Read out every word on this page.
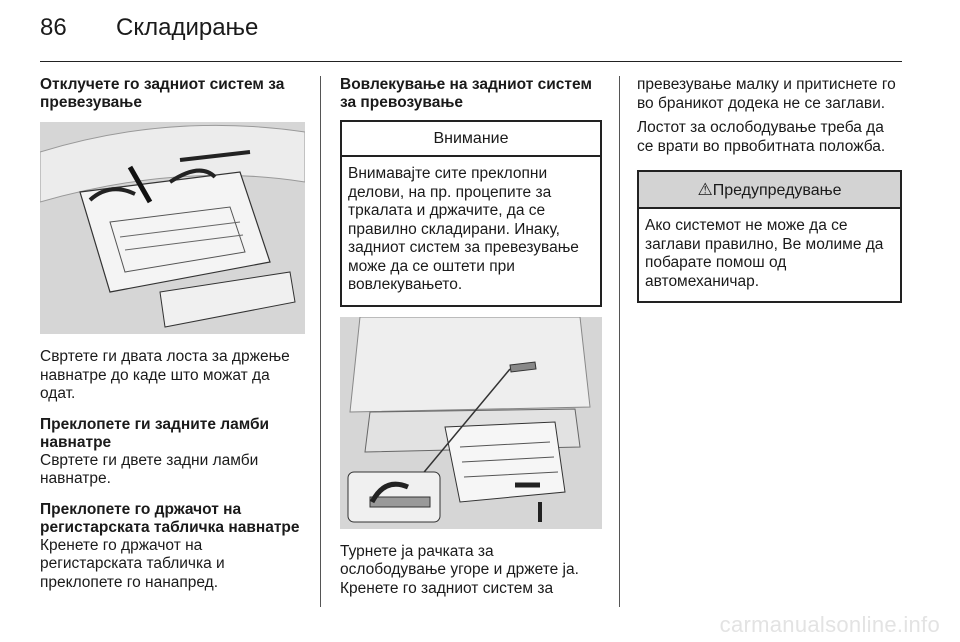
86	Складирање

Отклучете го задниот систем за превезување

Свртете ги двата лоста за држење навнатре до каде што можат да одат.

Преклопете ги задните ламби навнатре

Свртете ги двете задни ламби навнатре.

Преклопете го држачот на регистарската табличка навнатре

Кренете го држачот на регистарската табличка и преклопете го нанапред.

Вовлекување на задниот систем за превозување

Внимание
Внимавајте сите преклопни делови, на пр. процепите за тркалата и држачите, да се правилно складирани. Инаку, задниот систем за превезување може да се оштети при вовлекувањето.

Турнете ја рачката за ослободување угоре и држете ја. Кренете го задниот систем за

превезување малку и притиснете го во браникот додека не се заглави.

Лостот за ослободување треба да се врати во првобитната положба.

⚠Предупредување
Ако системот не може да се заглави правилно, Ве молиме да побарате помош од автомеханичар.
carmanualsonline.info
